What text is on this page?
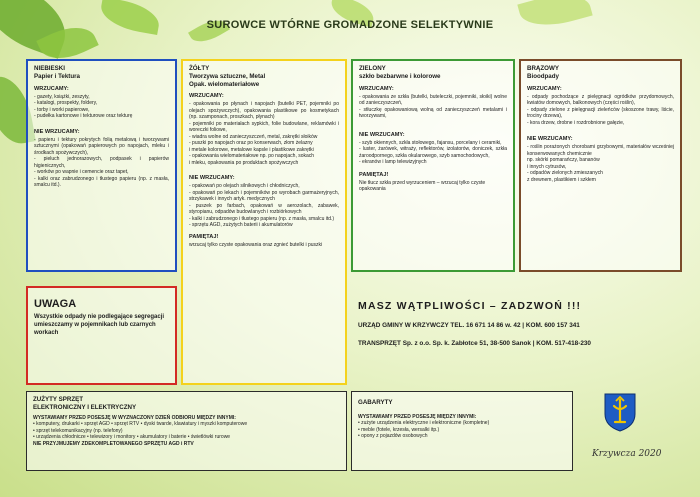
SUROWCE WTÓRNE GROMADZONE SELEKTYWNIE
NIEBIESKI
Papier i Tektura
WRZUCAMY:
- gazety, książki, zeszyty,
- katalogi, prospekty, foldery,
- torby i worki papierowe,
- pudełka kartonowe i tekturowe oraz tekturę
NIE WRZUCAMY:
- papieru i tektury pokrytych folią metalową i tworzywami sztucznymi (opakowań papierowych po napojach, mleku i środkach spożywczych),
- pieluch jednorazowych, podpasek i papierów higienicznych,
- worków po wapnie i cemencie oraz tapet,
- kalki oraz zabrudzonego i tłustego papieru (np. z masła, smalcu itd.).
ŻÓŁTY
Tworzywa sztuczne, Metal
Opak. wielomateriałowe
WRZUCAMY:
- opakowania po płynach i napojach (butelki PET, pojemniki po olejach spożywczych), opakowania plastikowe po kosmetykach (np. szamponach, proszkach, płynach)
- pojemniki po materiałach sypkich, folie budowlane, reklamówki i woreczki foliowe,
- wiadra wolne od zanieczyszczeń, metal, zakrętki słoików
- puszki po napojach oraz po konserwach, złom żelazny
i metale kolorowe, metalowe kapsle i plastikowe zakrętki
- opakowania wielomateriałowe np. po napojach, sokach
i mleku, opakowania po produktach spożywczych
NIE WRZUCAMY:
- opakowań po olejach silnikowych i chłodniczych,
- opakowań po lekach i pojemników po wyrobach garmażeryjnych, strzykawek i innych artyk. medycznych
- puszek po farbach, opakowań w aerozolach, zabawek, styropianu, odpadów budowlanych i rozbiórkowych
- kalki i zabrudzonego i tłustego papieru (np. z masła, smalcu itd.)
- sprzętu AGD, zużytych baterii i akumulatorów
PAMIĘTAJ!

wrzucaj tylko czyste opakowania oraz zgnieć butelki i puszki

ZIELONY
szkło bezbarwne i kolorowe
WRZUCAMY:
- opakowania ze szkła (butelki, buteleczki, pojemniki, słoiki) wolne od zanieczyszczeń,
- stłuczkę opakowaniową wolną od zanieczyszczeń metalami i tworzywami,
NIE WRZUCAMY:
- szyb okiennych, szkła stołowego, fajansu, porcelany i ceramiki,
- luster, żarówek, witraży, reflektorów, izolatorów, doniczek, szkła żaroodpornego, szkła okularowego, szyb samochodowych,
- ekranów i lamp telewizyjnych
PAMIĘTAJ!

Nie tłucz szkła przed wyrzuceniem – wrzucaj tylko czyste opakowania

BRĄZOWY
Bioodpady
WRZUCAMY:
- odpady pochodzące z pielęgnacji ogródków przydomowych, kwiatów domowych, balkonowych (części roślin),
- odpady zielone z pielęgnacji zieleńców (skoszone trawy, liście, trociny drzewa),
- kora drzew, drobne i rozdrobnione gałęzie,
NIE WRZUCAMY:
- roślin porażonych chorobami grzybowymi, materiałów wcześniej konserwowanych chemicznie
np. skórki pomarańczy, bananów
i innych cytrusów,
- odpadów zielonych zmieszanych
z drewnem, plastikiem i szkłem
UWAGA
Wszystkie odpady nie podlegające segregacji umieszczamy w pojemnikach lub czarnych workach
MASZ WĄTPLIWOŚCI – ZADZWOŃ !!!
URZĄD GMINY W KRZYWCZY TEL. 16 671 14 86 w. 42 | KOM. 600 157 341
TRANSPRZĘT Sp. z o.o. Sp. k. Zabłotce 51, 38-500 Sanok | KOM. 517-418-230
ZUŻYTY SPRZĘT
ELEKTRONICZNY I ELEKTRYCZNY

WYSTAWIAMY PRZED POSESJĘ W WYZNACZONY DZIEŃ ODBIORU MIĘDZY INNYMI:

• komputery, drukarki • sprzęt AGD • sprzęt RTV • dyski twarde, klawiatury i myszki komputerowe
• sprzęt telekomunikacyjny (np. telefony)
• urządzenia chłodnicze • telewizory i monitory • akumulatory i baterie • świetlówki rurowe

NIE PRZYJMUJEMY ZDEKOMPLETOWANEGO SPRZĘTU AGD i RTV

GABARYTY

WYSTAWIAMY PRZED POSESJĘ MIĘDZY INNYMI:

• zużyte urządzenia elektryczne i elektroniczne (kompletne)
• meble (fotele, krzesła, wersalki itp.)
• opony z pojazdów osobowych
Krzywcza 2020
